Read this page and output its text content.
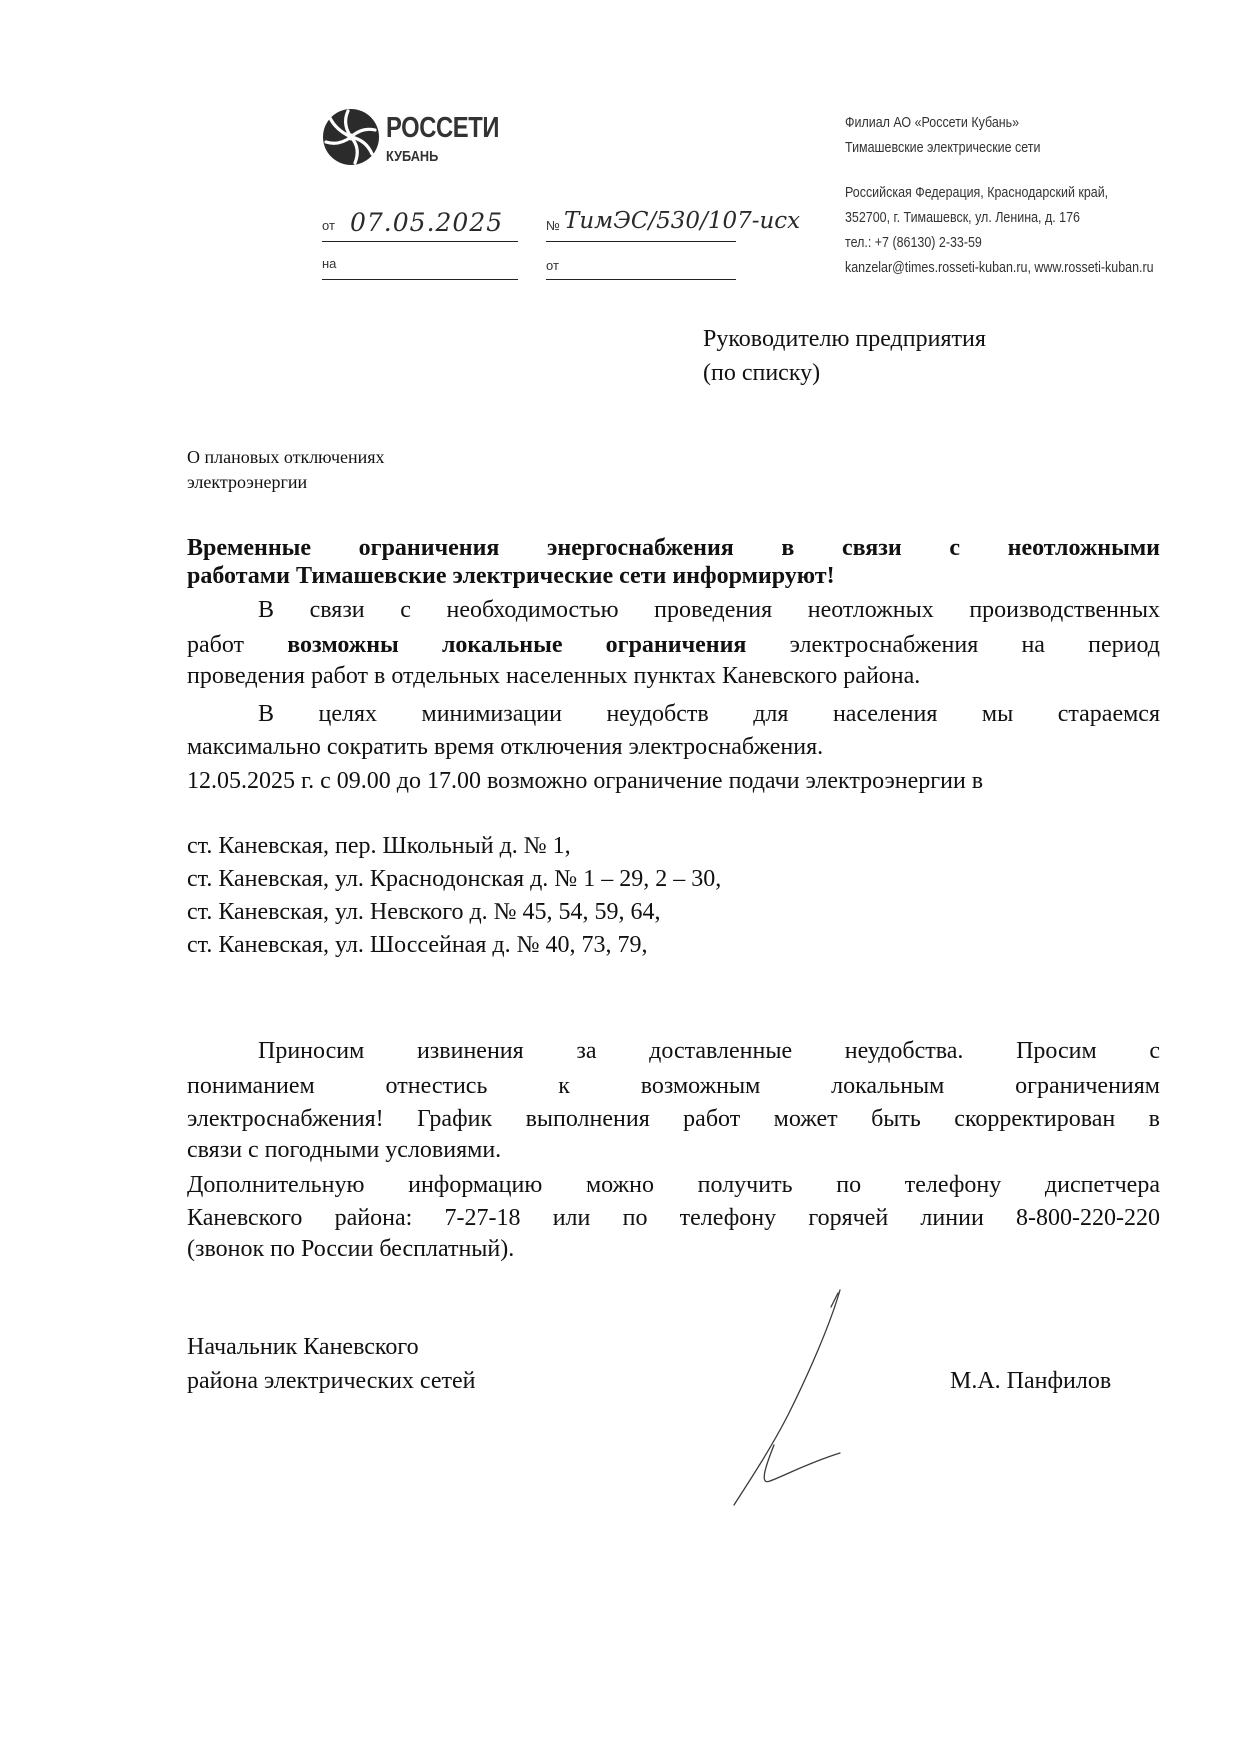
РОССЕТИ
КУБАНЬ
Филиал АО «Россети Кубань»
Тимашевские электрические сети
Российская Федерация, Краснодарский край,
352700, г. Тимашевск, ул. Ленина, д. 176
тел.: +7 (86130) 2-33-59
kanzelar@times.rosseti-kuban.ru, www.rosseti-kuban.ru
от 07.05.2025
на
№ ТимЭС/530/107-исх
от
Руководителю предприятия
(по списку)
О плановых отключениях
электроэнергии
Временные ограничения энергоснабжения в связи с неотложными
работами Тимашевские электрические сети информируют!
В связи с необходимостью проведения неотложных производственных
работ возможны локальные ограничения электроснабжения на период
проведения работ в отдельных населенных пунктах Каневского района.
В целях минимизации неудобств для населения мы стараемся
максимально сократить время отключения электроснабжения.
12.05.2025 г. с 09.00 до 17.00 возможно ограничение подачи электроэнергии в
ст. Каневская, пер. Школьный д. № 1,
ст. Каневская, ул. Краснодонская д. № 1 – 29, 2 – 30,
ст. Каневская, ул. Невского д. № 45, 54, 59, 64,
ст. Каневская, ул. Шоссейная д. № 40, 73, 79,
Приносим извинения за доставленные неудобства. Просим с
пониманием отнестись к возможным локальным ограничениям
электроснабжения! График выполнения работ может быть скорректирован в
связи с погодными условиями.
Дополнительную информацию можно получить по телефону диспетчера
Каневского района: 7-27-18 или по телефону горячей линии 8-800-220-220
(звонок по России бесплатный).
Начальник Каневского
района электрических сетей	М.А. Панфилов
